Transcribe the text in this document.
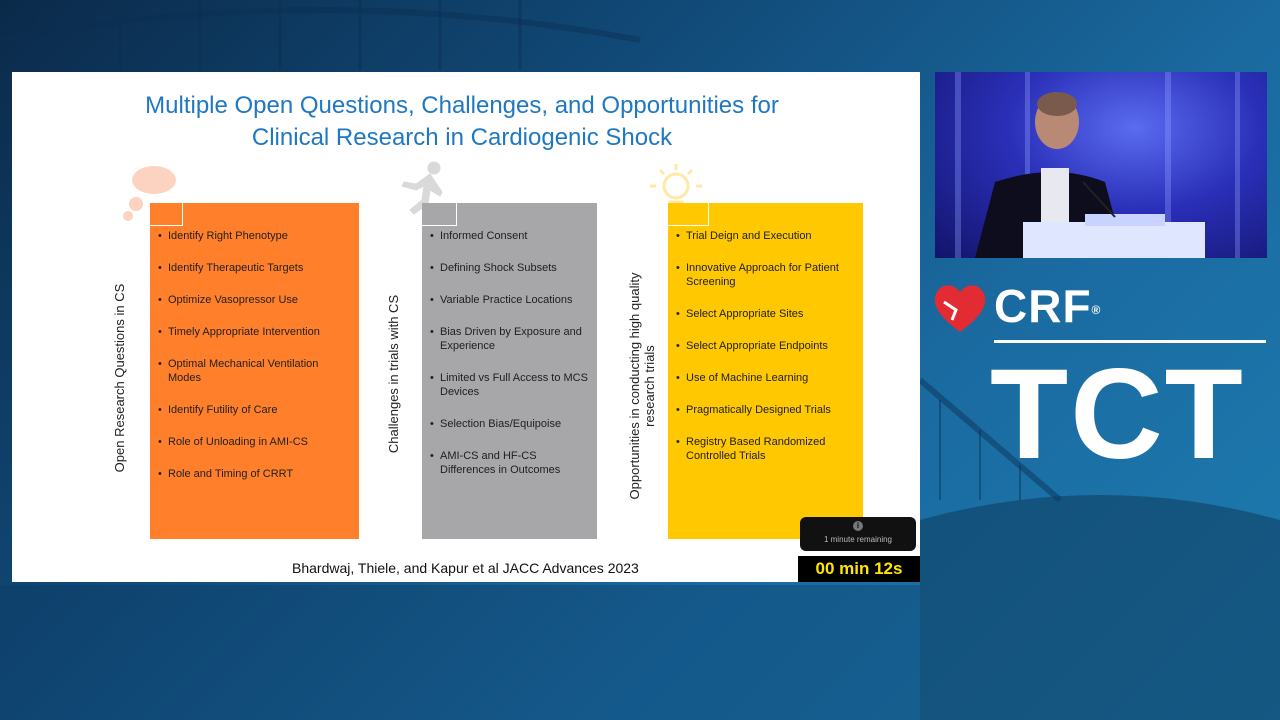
Multiple Open Questions, Challenges, and Opportunities for
Clinical Research in Cardiogenic Shock
• Identify Right Phenotype
• Identify Therapeutic Targets
• Optimize Vasopressor Use
• Timely Appropriate Intervention
• Optimal Mechanical Ventilation Modes
• Identify Futility of Care
• Role of Unloading in AMI-CS
• Role and Timing of CRRT
• Informed Consent
• Defining Shock Subsets
• Variable Practice Locations
• Bias Driven by Exposure and Experience
• Limited vs Full Access to MCS Devices
• Selection Bias/Equipoise
• AMI-CS and HF-CS Differences in Outcomes
• Trial Deign and Execution
• Innovative Approach for Patient Screening
• Select Appropriate Sites
• Select Appropriate Endpoints
• Use of Machine Learning
• Pragmatically Designed Trials
• Registry Based Randomized Controlled Trials
Open Research Questions in CS	Challenges in trials with CS	Opportunities in conducting high quality research trials
Bhardwaj, Thiele, and Kapur et al JACC Advances 2023
i
1 minute remaining
00 min 12s
CRF®
TCT
